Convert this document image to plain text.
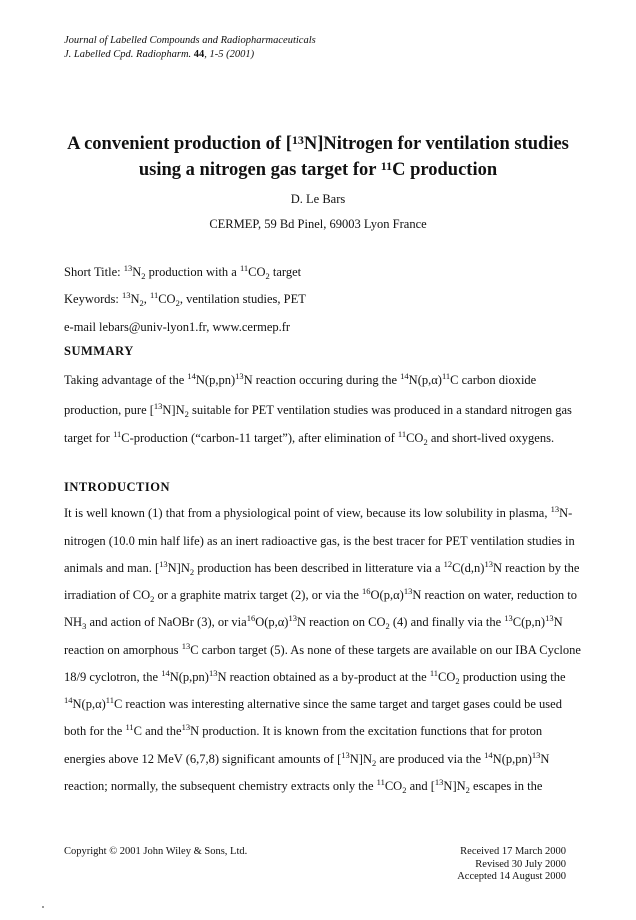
Journal of Labelled Compounds and Radiopharmaceuticals
J. Labelled Cpd. Radiopharm. 44, 1-5 (2001)
A convenient production of [$^{13}$N]Nitrogen for ventilation studies
using a nitrogen gas target for $^{11}$C production
D. Le Bars
CERMEP, 59 Bd Pinel, 69003 Lyon France
Short Title: $^{13}N_2$ production with a $^{11}CO_2$ target
Keywords: $^{13}N_2$, $^{11}CO_2$, ventilation studies, PET
e-mail lebars@univ-lyon1.fr, www.cermep.fr
SUMMARY
Taking advantage of the $^{14}N(p,pn)^{13}N$ reaction occuring during the $^{14}N(p,\alpha)^{11}C$ carbon dioxide
production, pure $[^{13}N]N_2$ suitable for PET ventilation studies was produced in a standard nitrogen gas
target for $^{11}$C-production (“carbon-11 target”), after elimination of $^{11}CO_2$ and short-lived oxygens.
INTRODUCTION
It is well known (1) that from a physiological point of view, because its low solubility in plasma, $^{13}$N-
nitrogen (10.0 min half life) as an inert radioactive gas, is the best tracer for PET ventilation studies in
animals and man. $[^{13}N]N_2$ production has been described in litterature via a $^{12}C(d,n)^{13}N$ reaction by the
irradiation of $CO_2$ or a graphite matrix target (2), or via the $^{16}O(p,\alpha)^{13}N$ reaction on water, reduction to
$NH_3$ and action of NaOBr (3), or $via^{16}O(p,\alpha)^{13}N$ reaction on $CO_2$ (4) and finally via the $^{13}C(p,n)^{13}N$
reaction on amorphous $^{13}$C carbon target (5). As none of these targets are available on our IBA Cyclone
18/9 cyclotron, the $^{14}N(p,pn)^{13}N$ reaction obtained as a by-product at the $^{11}CO_2$ production using the
$^{14}N(p,\alpha)^{11}C$ reaction was interesting alternative since the same target and target gases could be used
both for the $^{11}$C and the$^{13}$N production. It is known from the excitation functions that for proton
energies above 12 MeV (6,7,8) significant amounts of $[^{13}N]N_2$ are produced via the $^{14}N(p,pn)^{13}N$
reaction; normally, the subsequent chemistry extracts only the $^{11}CO_2$ and $[^{13}N]N_2$ escapes in the
Copyright © 2001 John Wiley & Sons, Ltd.	Received 17 March 2000
Revised 30 July 2000
Accepted 14 August 2000
